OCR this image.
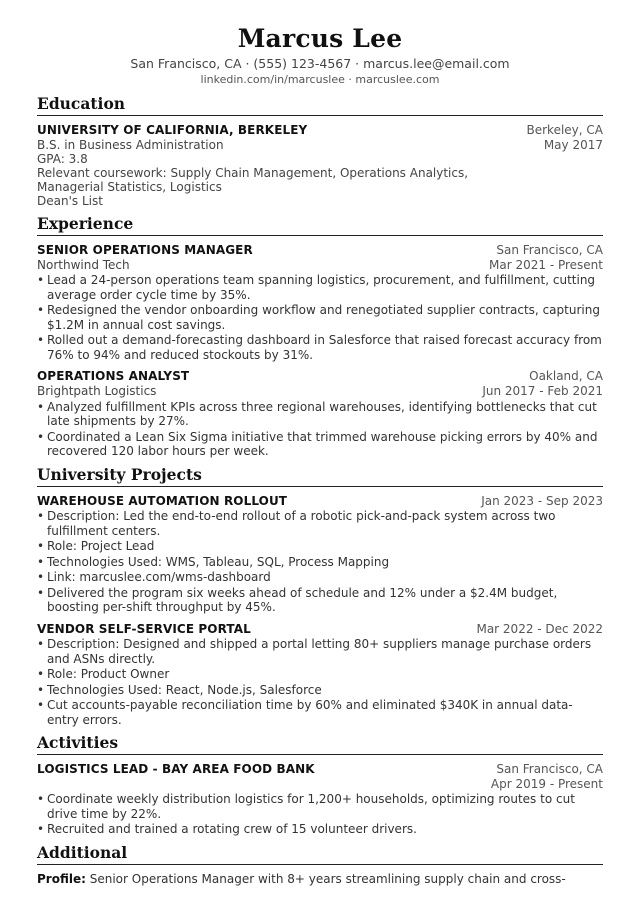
Marcus Lee
San Francisco, CA · (555) 123-4567 · marcus.lee@email.com
linkedin.com/in/marcuslee · marcuslee.com
Education
UNIVERSITY OF CALIFORNIA, BERKELEY	Berkeley, CA
B.S. in Business Administration	May 2017
GPA: 3.8
Relevant coursework: Supply Chain Management, Operations Analytics,
Managerial Statistics, Logistics
Dean's List
Experience
SENIOR OPERATIONS MANAGER	San Francisco, CA
Northwind Tech	Mar 2021 - Present
• Lead a 24-person operations team spanning logistics, procurement, and fulfillment, cutting average order cycle time by 35%.
• Redesigned the vendor onboarding workflow and renegotiated supplier contracts, capturing $1.2M in annual cost savings.
• Rolled out a demand-forecasting dashboard in Salesforce that raised forecast accuracy from 76% to 94% and reduced stockouts by 31%.
OPERATIONS ANALYST	Oakland, CA
Brightpath Logistics	Jun 2017 - Feb 2021
• Analyzed fulfillment KPIs across three regional warehouses, identifying bottlenecks that cut late shipments by 27%.
• Coordinated a Lean Six Sigma initiative that trimmed warehouse picking errors by 40% and recovered 120 labor hours per week.
University Projects
WAREHOUSE AUTOMATION ROLLOUT	Jan 2023 - Sep 2023
• Description: Led the end-to-end rollout of a robotic pick-and-pack system across two fulfillment centers.
• Role: Project Lead
• Technologies Used: WMS, Tableau, SQL, Process Mapping
• Link: marcuslee.com/wms-dashboard
• Delivered the program six weeks ahead of schedule and 12% under a $2.4M budget, boosting per-shift throughput by 45%.
VENDOR SELF-SERVICE PORTAL	Mar 2022 - Dec 2022
• Description: Designed and shipped a portal letting 80+ suppliers manage purchase orders and ASNs directly.
• Role: Product Owner
• Technologies Used: React, Node.js, Salesforce
• Cut accounts-payable reconciliation time by 60% and eliminated $340K in annual data-entry errors.
Activities
LOGISTICS LEAD - BAY AREA FOOD BANK	San Francisco, CA
Apr 2019 - Present
• Coordinate weekly distribution logistics for 1,200+ households, optimizing routes to cut drive time by 22%.
• Recruited and trained a rotating crew of 15 volunteer drivers.
Additional
Profile: Senior Operations Manager with 8+ years streamlining supply chain and cross-
